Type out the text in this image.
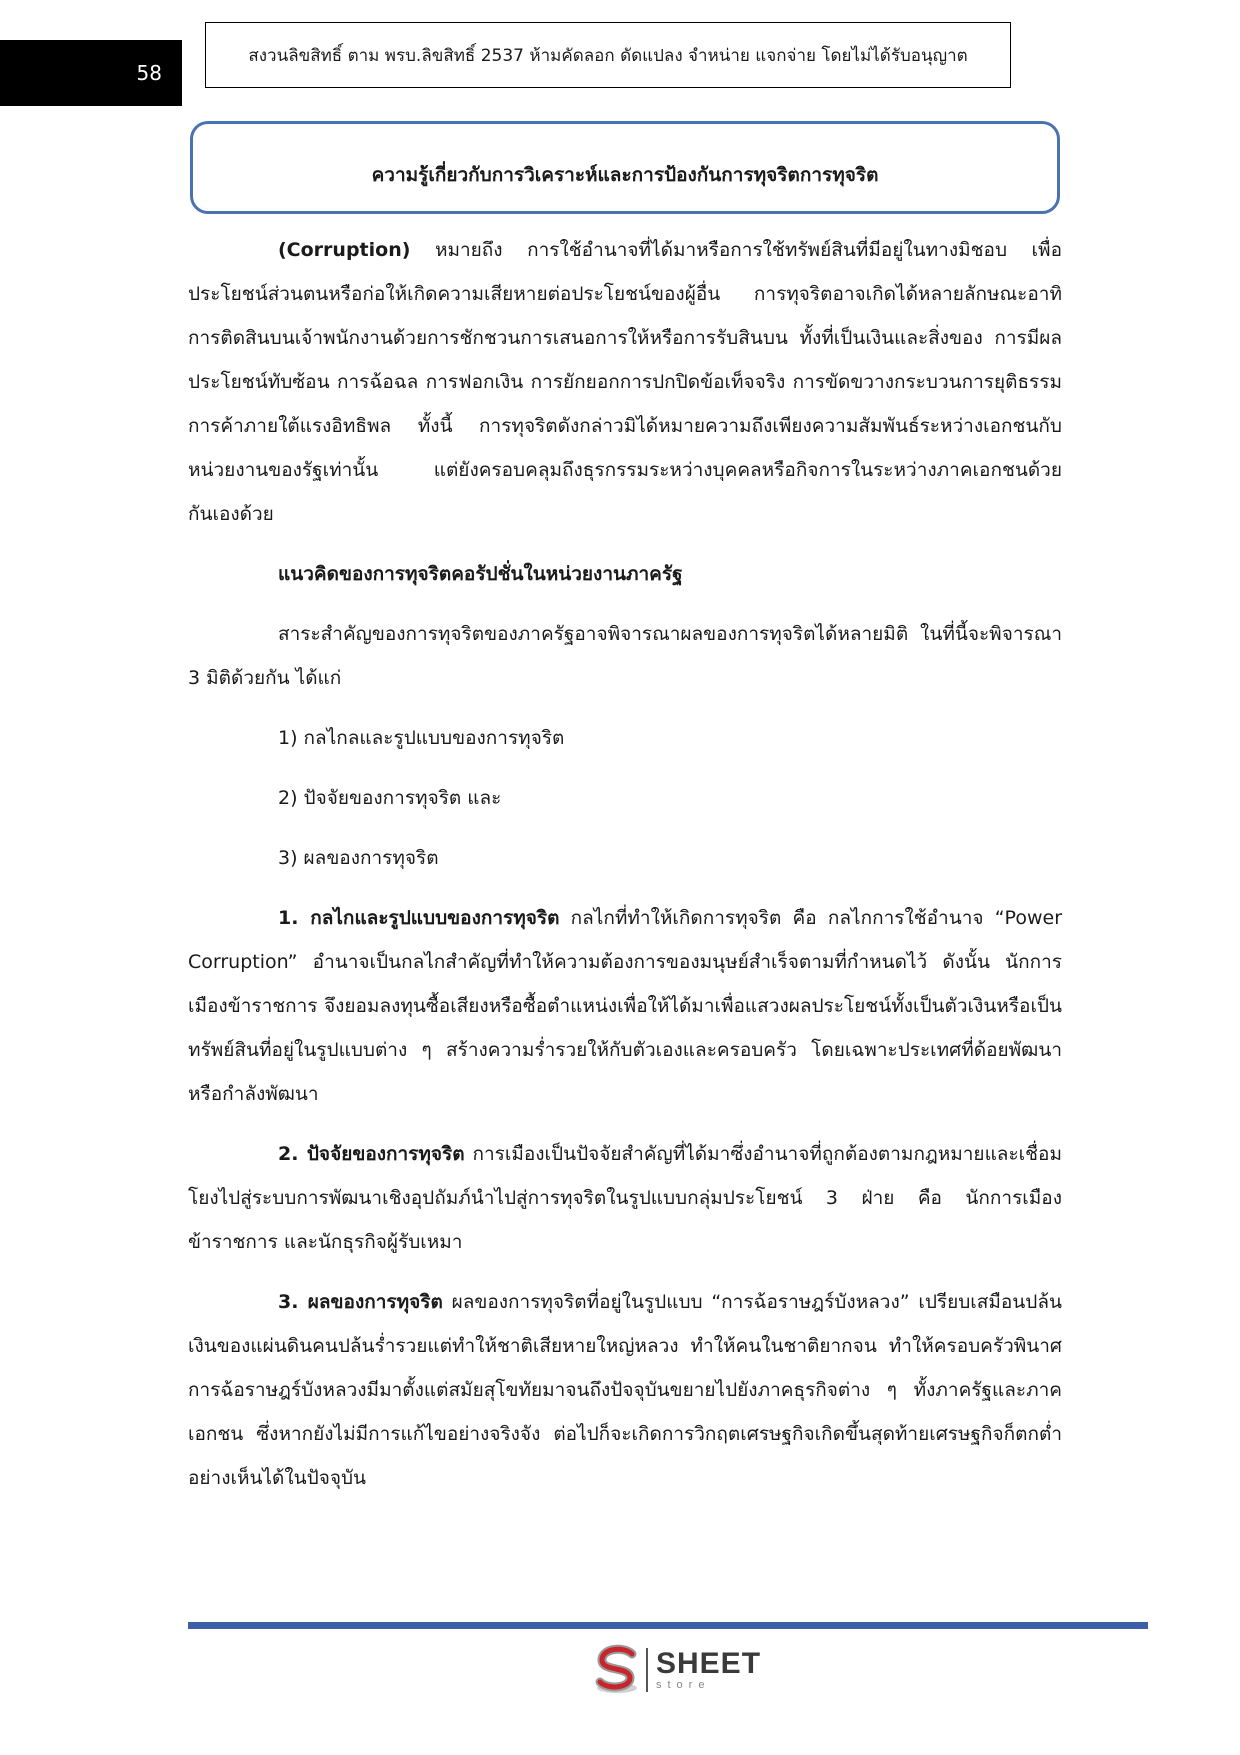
58
สงวนลิขสิทธิ์ ตาม พรบ.ลิขสิทธิ์ 2537 ห้ามคัดลอก ดัดแปลง จำหน่าย แจกจ่าย โดยไม่ได้รับอนุญาต
ความรู้เกี่ยวกับการวิเคราะห์และการป้องกันการทุจริตการทุจริต

(Corruption) หมายถึง การใช้อำนาจที่ได้มาหรือการใช้ทรัพย์สินที่มีอยู่ในทางมิชอบ เพื่อประโยชน์ส่วนตนหรือก่อให้เกิดความเสียหายต่อประโยชน์ของผู้อื่น การทุจริตอาจเกิดได้หลายลักษณะอาทิ การติดสินบนเจ้าพนักงานด้วยการชักชวนการเสนอการให้หรือการรับสินบน ทั้งที่เป็นเงินและสิ่งของ การมีผลประโยชน์ทับซ้อน การฉ้อฉล การฟอกเงิน การยักยอกการปกปิดข้อเท็จจริง การขัดขวางกระบวนการยุติธรรม การค้าภายใต้แรงอิทธิพล ทั้งนี้ การทุจริตดังกล่าวมิได้หมายความถึงเพียงความสัมพันธ์ระหว่างเอกชนกับหน่วยงานของรัฐเท่านั้น แต่ยังครอบคลุมถึงธุรกรรมระหว่างบุคคลหรือกิจการในระหว่างภาคเอกชนด้วยกันเองด้วย

แนวคิดของการทุจริตคอรัปชั่นในหน่วยงานภาครัฐ

สาระสำคัญของการทุจริตของภาครัฐอาจพิจารณาผลของการทุจริตได้หลายมิติ ในที่นี้จะพิจารณา 3 มิติด้วยกัน ได้แก่

1) กลไกลและรูปแบบของการทุจริต

2) ปัจจัยของการทุจริต และ

3) ผลของการทุจริต

1. กลไกและรูปแบบของการทุจริต กลไกที่ทำให้เกิดการทุจริต คือ กลไกการใช้อำนาจ “Power Corruption” อำนาจเป็นกลไกสำคัญที่ทำให้ความต้องการของมนุษย์สำเร็จตามที่กำหนดไว้ ดังนั้น นักการเมืองข้าราชการ จึงยอมลงทุนซื้อเสียงหรือซื้อตำแหน่งเพื่อให้ได้มาเพื่อแสวงผลประโยชน์ทั้งเป็นตัวเงินหรือเป็นทรัพย์สินที่อยู่ในรูปแบบต่าง ๆ สร้างความร่ำรวยให้กับตัวเองและครอบครัว โดยเฉพาะประเทศที่ด้อยพัฒนาหรือกำลังพัฒนา

2. ปัจจัยของการทุจริต การเมืองเป็นปัจจัยสำคัญที่ได้มาซึ่งอำนาจที่ถูกต้องตามกฎหมายและเชื่อมโยงไปสู่ระบบการพัฒนาเชิงอุปถัมภ์นำไปสู่การทุจริตในรูปแบบกลุ่มประโยชน์ 3 ฝ่าย คือ นักการเมือง ข้าราชการ และนักธุรกิจผู้รับเหมา

3. ผลของการทุจริต ผลของการทุจริตที่อยู่ในรูปแบบ “การฉ้อราษฎร์บังหลวง” เปรียบเสมือนปล้นเงินของแผ่นดินคนปล้นร่ำรวยแต่ทำให้ชาติเสียหายใหญ่หลวง ทำให้คนในชาติยากจน ทำให้ครอบครัวพินาศ การฉ้อราษฎร์บังหลวงมีมาตั้งแต่สมัยสุโขทัยมาจนถึงปัจจุบันขยายไปยังภาคธุรกิจต่าง ๆ ทั้งภาครัฐและภาคเอกชน ซึ่งหากยังไม่มีการแก้ไขอย่างจริงจัง ต่อไปก็จะเกิดการวิกฤตเศรษฐกิจเกิดขึ้นสุดท้ายเศรษฐกิจก็ตกต่ำอย่างเห็นได้ในปัจจุบัน

SHEET
store
